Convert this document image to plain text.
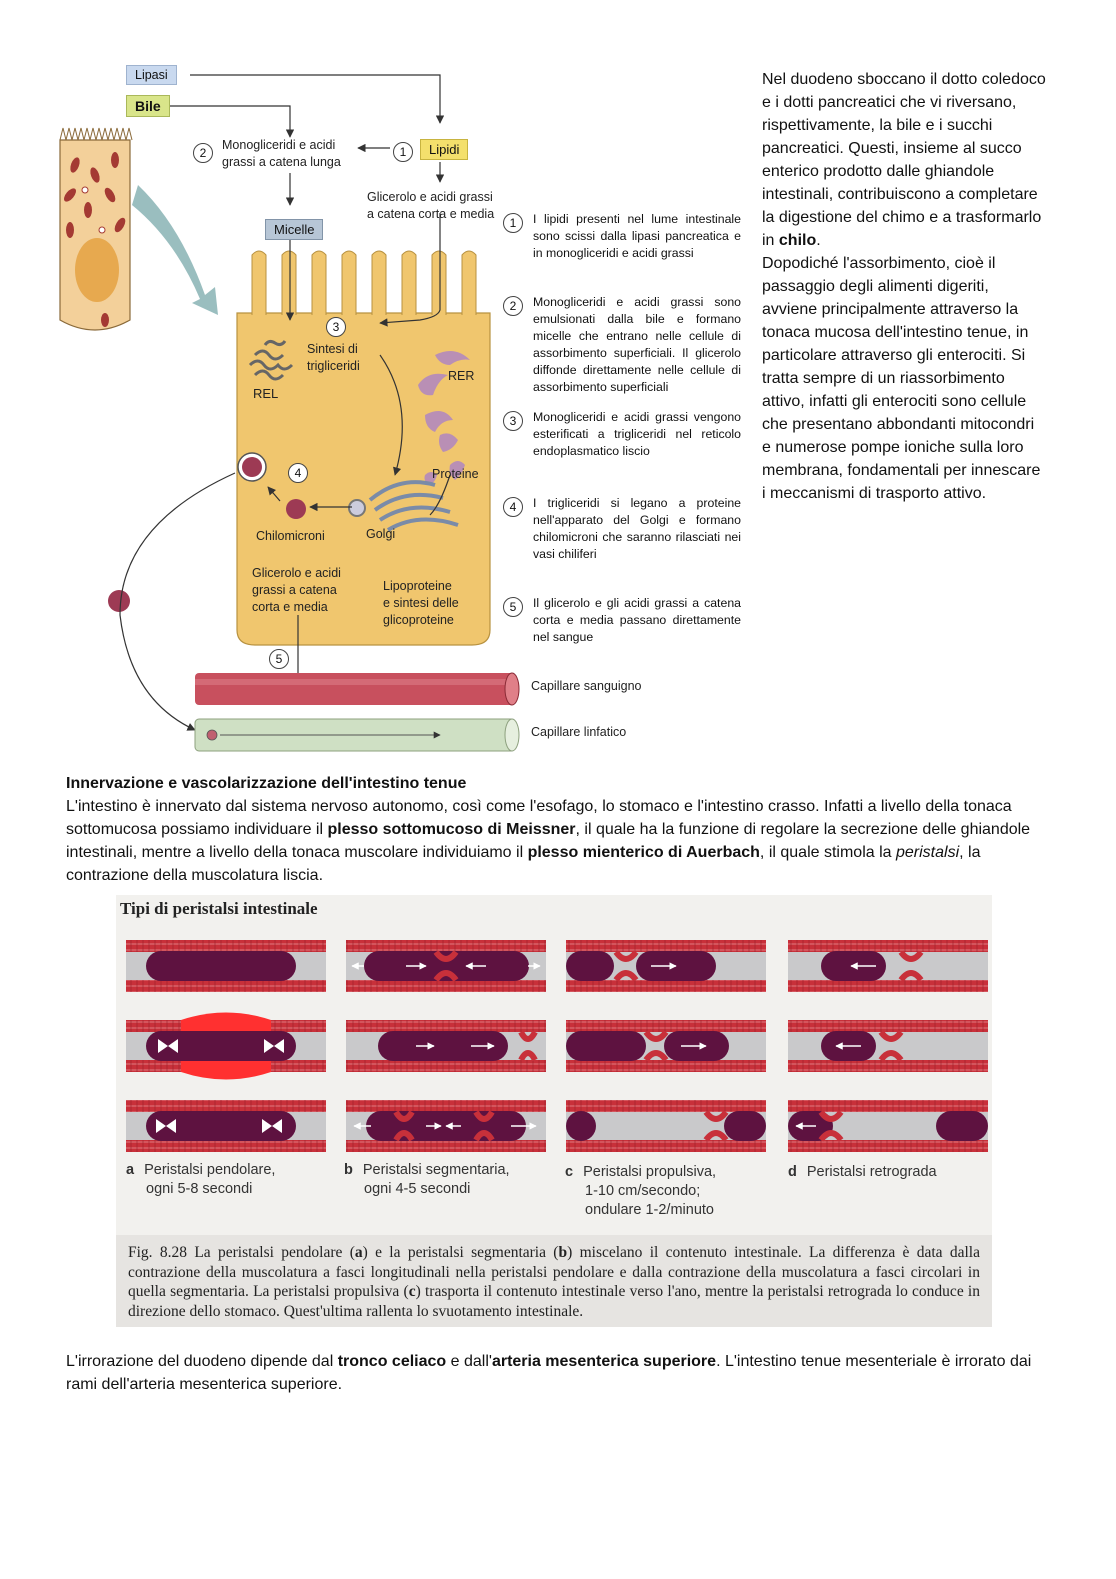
Lipasi
Bile
Lipidi
Micelle
2	1
3
4
5
Monogliceridi e acidi
grassi a catena lunga
Glicerolo e acidi grassi
a catena corta e media
Sintesi di
trigliceridi
REL
RER
Proteine
Chilomicroni	Golgi
Glicerolo e acidi
grassi a catena
corta e media
Lipoproteine
e sintesi delle
glicoproteine
Capillare sanguigno
Capillare linfatico
1	I lipidi presenti nel lume intestinale sono scissi dalla lipasi pancreatica e in monogliceridi e acidi grassi
2	Monogliceridi e acidi grassi sono emulsionati dalla bile e formano micelle che entrano nelle cellule di assorbimento superficiali. Il glicerolo diffonde direttamente nelle cellule di assorbimento superficiali
3	Monogliceridi e acidi grassi vengono esterificati a trigliceridi nel reticolo endoplasmatico liscio
4	I trigliceridi si legano a proteine nell'apparato del Golgi e formano chilomicroni che saranno rilasciati nei vasi chiliferi
5	Il glicerolo e gli acidi grassi a catena corta e media passano direttamente nel sangue
Nel duodeno sboccano il dotto coledoco e i dotti pancreatici che vi riversano, rispettivamente, la bile e i succhi pancreatici. Questi, insieme al succo enterico prodotto dalle ghiandole intestinali, contribuiscono a completare la digestione del chimo e a trasformarlo in chilo.
Dopodiché l'assorbimento, cioè il passaggio degli alimenti digeriti, avviene principalmente attraverso la tonaca mucosa dell'intestino tenue, in particolare attraverso gli enterociti. Si tratta sempre di un riassorbimento attivo, infatti gli enterociti sono cellule che presentano abbondanti mitocondri e numerose pompe ioniche sulla loro membrana, fondamentali per innescare i meccanismi di trasporto attivo.
Innervazione e vascolarizzazione dell'intestino tenue
L'intestino è innervato dal sistema nervoso autonomo, così come l'esofago, lo stomaco e l'intestino crasso. Infatti a livello della tonaca sottomucosa possiamo individuare il plesso sottomucoso di Meissner, il quale ha la funzione di regolare la secrezione delle ghiandole intestinali, mentre a livello della tonaca muscolare individuiamo il plesso mienterico di Auerbach, il quale stimola la peristalsi, la contrazione della muscolatura liscia.
Tipi di peristalsi intestinale
a Peristalsi pendolare,
ogni 5-8 secondi
b Peristalsi segmentaria,
ogni 4-5 secondi
c Peristalsi propulsiva,
1-10 cm/secondo;
ondulare 1-2/minuto
d Peristalsi retrograda
Fig. 8.28 La peristalsi pendolare (a) e la peristalsi segmentaria (b) miscelano il contenuto intestinale. La differenza è data dalla contrazione della muscolatura a fasci longitudinali nella peristalsi pendolare e dalla contrazione della muscolatura a fasci circolari in quella segmentaria. La peristalsi propulsiva (c) trasporta il contenuto intestinale verso l'ano, mentre la peristalsi retrograda lo conduce in direzione dello stomaco. Quest'ultima rallenta lo svuotamento intestinale.
L'irrorazione del duodeno dipende dal tronco celiaco e dall'arteria mesenterica superiore. L'intestino tenue mesenteriale è irrorato dai rami dell'arteria mesenterica superiore.
